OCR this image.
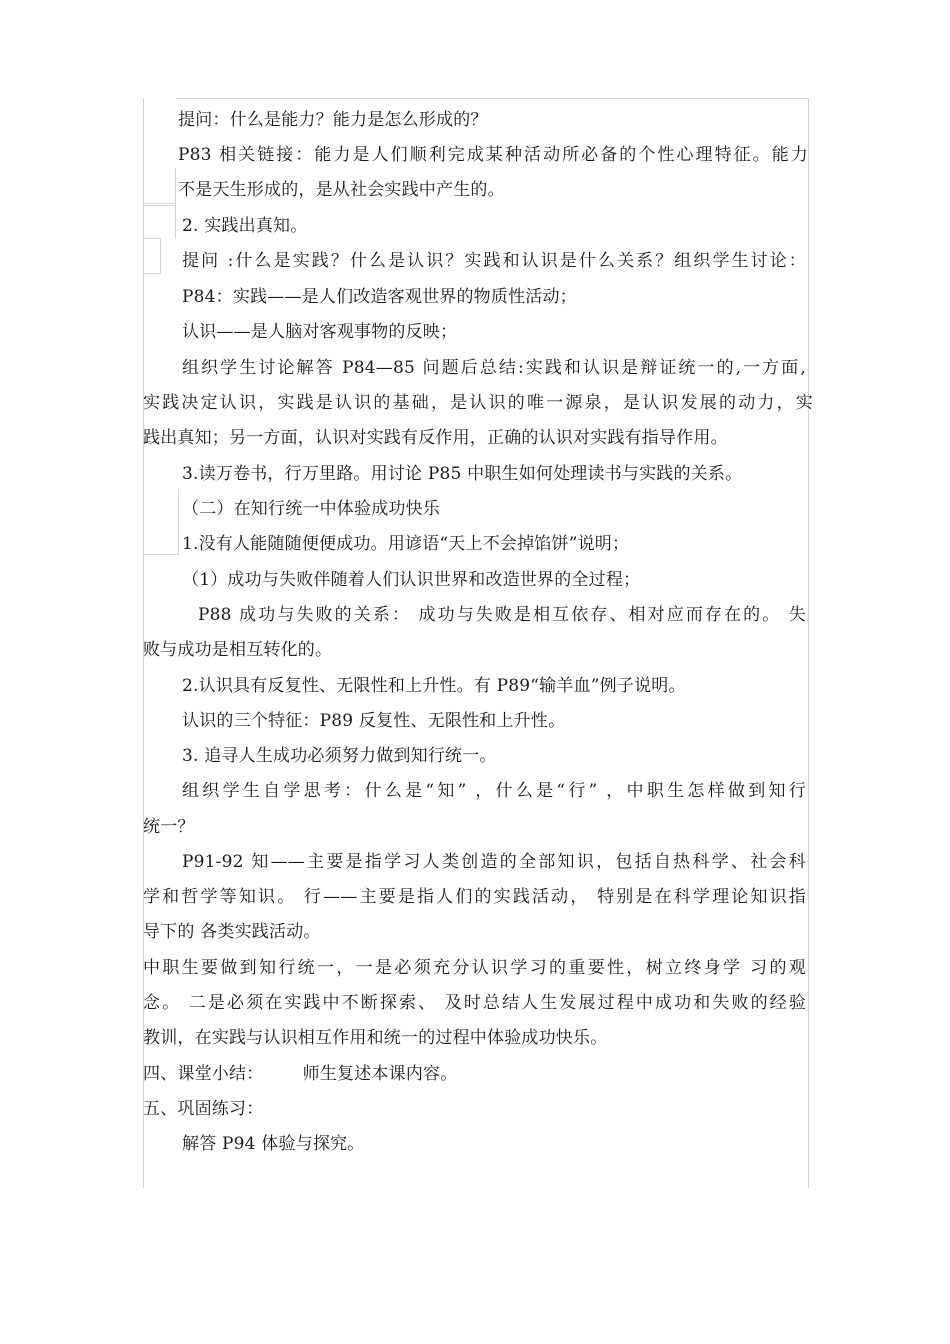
提问：什么是能力？能力是怎么形成的？
P83 相关链接：能力是人们顺利完成某种活动所必备的个性心理特征。能力
不是天生形成的，是从社会实践中产生的。
2. 实践出真知。
提问 :什么是实践？什么是认识？实践和认识是什么关系？组织学生讨论：
P84：实践——是人们改造客观世界的物质性活动；
认识——是人脑对客观事物的反映；
组织学生讨论解答 P84—85 问题后总结:实践和认识是辩证统一的,一方面,
实践决定认识，实践是认识的基础，是认识的唯一源泉，是认识发展的动力，实
践出真知；另一方面，认识对实践有反作用，正确的认识对实践有指导作用。
3.读万卷书，行万里路。用讨论 P85 中职生如何处理读书与实践的关系。
（二）在知行统一中体验成功快乐
1.没有人能随随便便成功。用谚语“天上不会掉馅饼”说明；
（1）成功与失败伴随着人们认识世界和改造世界的全过程；
P88 成功与失败的关系： 成功与失败是相互依存、相对应而存在的。 失
败与成功是相互转化的。
2.认识具有反复性、无限性和上升性。有 P89“输羊血”例子说明。
认识的三个特征：P89 反复性、无限性和上升性。
3. 追寻人生成功必须努力做到知行统一。
组织学生自学思考：什么是“知” ，什么是“行” ，中职生怎样做到知行
统一？
P91-92 知——主要是指学习人类创造的全部知识，包括自热科学、社会科
学和哲学等知识。 行——主要是指人们的实践活动， 特别是在科学理论知识指
导下的 各类实践活动。
中职生要做到知行统一，一是必须充分认识学习的重要性，树立终身学 习的观
念。 二是必须在实践中不断探索、 及时总结人生发展过程中成功和失败的经验
教训，在实践与认识相互作用和统一的过程中体验成功快乐。
四、课堂小结：       师生复述本课内容。
五、巩固练习：
解答 P94 体验与探究。
